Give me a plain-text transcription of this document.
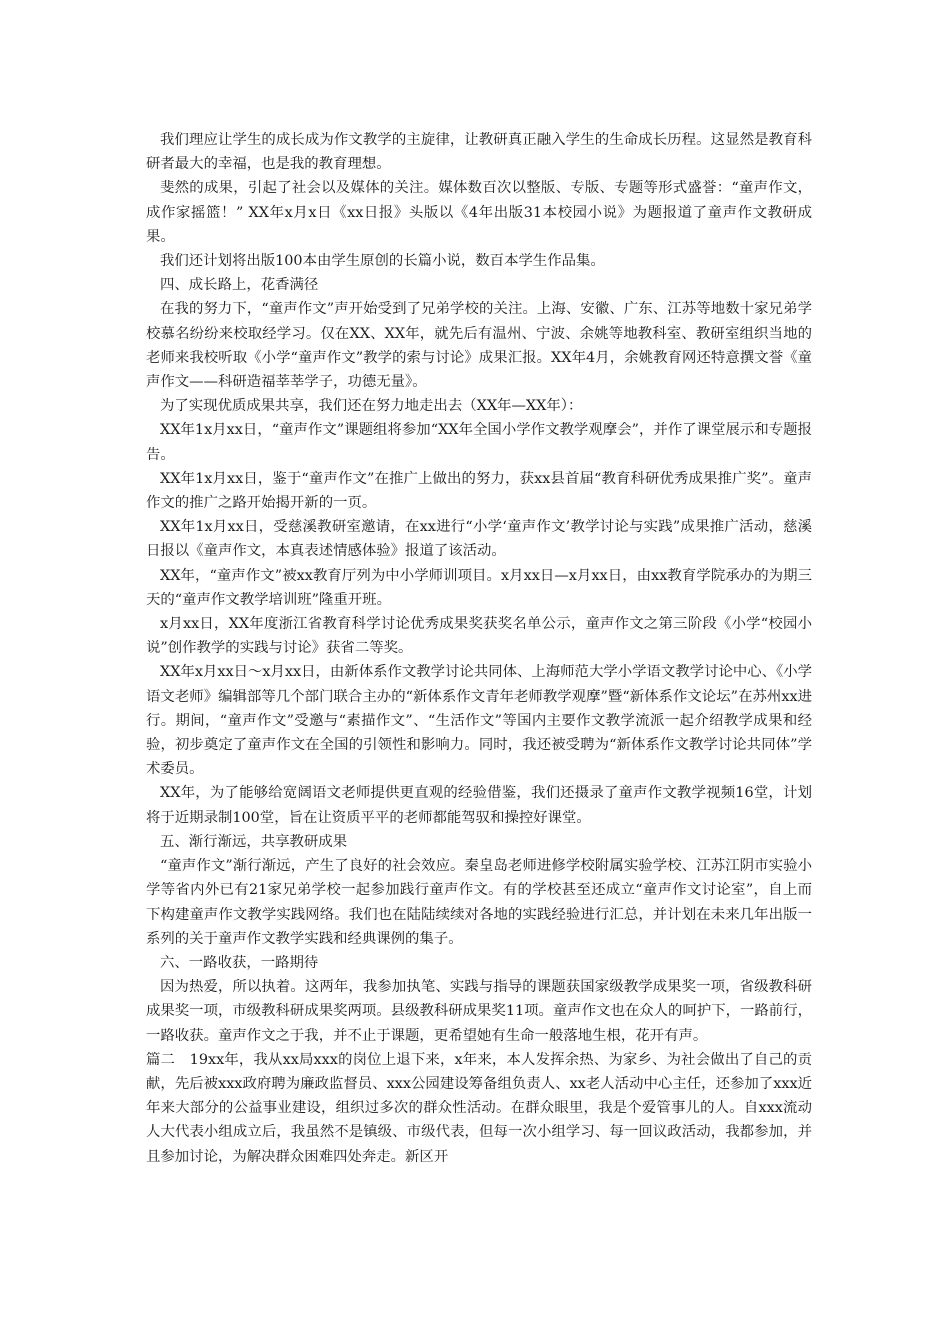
我们理应让学生的成长成为作文教学的主旋律，让教研真正融入学生的生命成长历程。这显然是教育科研者最大的幸福，也是我的教育理想。

斐然的成果，引起了社会以及媒体的关注。媒体数百次以整版、专版、专题等形式盛誉：“童声作文，成作家摇篮！” XX年x月x日《xx日报》头版以《4年出版31本校园小说》为题报道了童声作文教研成果。

我们还计划将出版100本由学生原创的长篇小说，数百本学生作品集。

四、成长路上，花香满径

在我的努力下，“童声作文”声开始受到了兄弟学校的关注。上海、安徽、广东、江苏等地数十家兄弟学校慕名纷纷来校取经学习。仅在XX、XX年，就先后有温州、宁波、余姚等地教科室、教研室组织当地的老师来我校听取《小学“童声作文”教学的索与讨论》成果汇报。XX年4月，余姚教育网还特意撰文誉《童声作文——科研造福莘莘学子，功德无量》。

为了实现优质成果共享，我们还在努力地走出去（XX年—XX年）：

XX年1x月xx日，“童声作文”课题组将参加“XX年全国小学作文教学观摩会”，并作了课堂展示和专题报告。

XX年1x月xx日，鉴于“童声作文”在推广上做出的努力，获xx县首届“教育科研优秀成果推广奖”。童声作文的推广之路开始揭开新的一页。

XX年1x月xx日，受慈溪教研室邀请，在xx进行“小学‘童声作文’教学讨论与实践”成果推广活动，慈溪日报以《童声作文，本真表述情感体验》报道了该活动。

XX年，“童声作文”被xx教育厅列为中小学师训项目。x月xx日—x月xx日，由xx教育学院承办的为期三天的“童声作文教学培训班”隆重开班。

x月xx日，XX年度浙江省教育科学讨论优秀成果奖获奖名单公示，童声作文之第三阶段《小学“校园小说”创作教学的实践与讨论》获省二等奖。

XX年x月xx日～x月xx日，由新体系作文教学讨论共同体、上海师范大学小学语文教学讨论中心、《小学语文老师》编辑部等几个部门联合主办的“新体系作文青年老师教学观摩”暨“新体系作文论坛”在苏州xx进行。期间，“童声作文”受邀与“素描作文”、“生活作文”等国内主要作文教学流派一起介绍教学成果和经验，初步奠定了童声作文在全国的引领性和影响力。同时，我还被受聘为“新体系作文教学讨论共同体”学术委员。

XX年，为了能够给宽阔语文老师提供更直观的经验借鉴，我们还摄录了童声作文教学视频16堂，计划将于近期录制100堂，旨在让资质平平的老师都能驾驭和操控好课堂。

五、渐行渐远，共享教研成果

“童声作文”渐行渐远，产生了良好的社会效应。秦皇岛老师进修学校附属实验学校、江苏江阴市实验小学等省内外已有21家兄弟学校一起参加践行童声作文。有的学校甚至还成立“童声作文讨论室”，自上而下构建童声作文教学实践网络。我们也在陆陆续续对各地的实践经验进行汇总，并计划在未来几年出版一系列的关于童声作文教学实践和经典课例的集子。

六、一路收获，一路期待

因为热爱，所以执着。这两年，我参加执笔、实践与指导的课题获国家级教学成果奖一项，省级教科研成果奖一项，市级教科研成果奖两项。县级教科研成果奖11项。童声作文也在众人的呵护下，一路前行，一路收获。童声作文之于我，并不止于课题，更希望她有生命一般落地生根，花开有声。

篇二　19xx年，我从xx局xxx的岗位上退下来，x年来，本人发挥余热、为家乡、为社会做出了自己的贡献，先后被xxx政府聘为廉政监督员、xxx公园建设筹备组负责人、xx老人活动中心主任，还参加了xxx近年来大部分的公益事业建设，组织过多次的群众性活动。在群众眼里，我是个爱管事儿的人。自xxx流动人大代表小组成立后，我虽然不是镇级、市级代表，但每一次小组学习、每一回议政活动，我都参加，并且参加讨论，为解决群众困难四处奔走。新区开
